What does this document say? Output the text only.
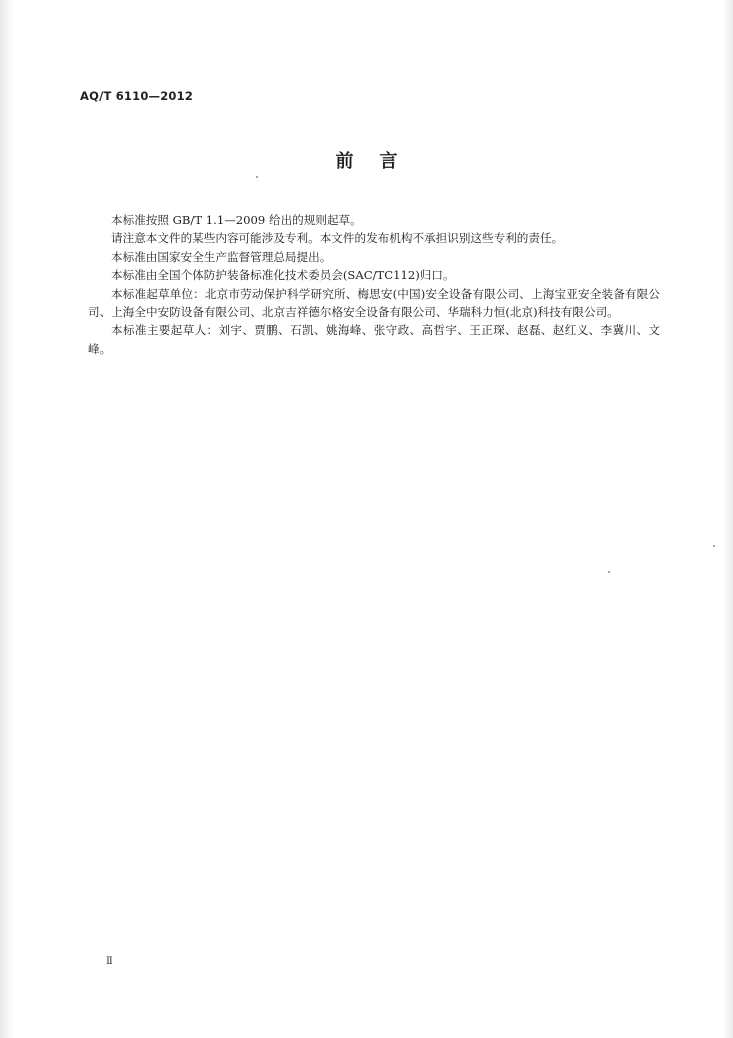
AQ/T 6110—2012
前言

本标准按照 GB/T 1.1—2009 给出的规则起草。

请注意本文件的某些内容可能涉及专利。本文件的发布机构不承担识别这些专利的责任。

本标准由国家安全生产监督管理总局提出。

本标准由全国个体防护装备标准化技术委员会(SAC/TC112)归口。

本标准起草单位：北京市劳动保护科学研究所、梅思安(中国)安全设备有限公司、上海宝亚安全装备有限公司、上海全中安防设备有限公司、北京吉祥德尔格安全设备有限公司、华瑞科力恒(北京)科技有限公司。

本标准主要起草人：刘宇、贾鹏、石凯、姚海峰、张守政、高哲宇、王正琛、赵磊、赵红义、李冀川、文峰。

Ⅱ
